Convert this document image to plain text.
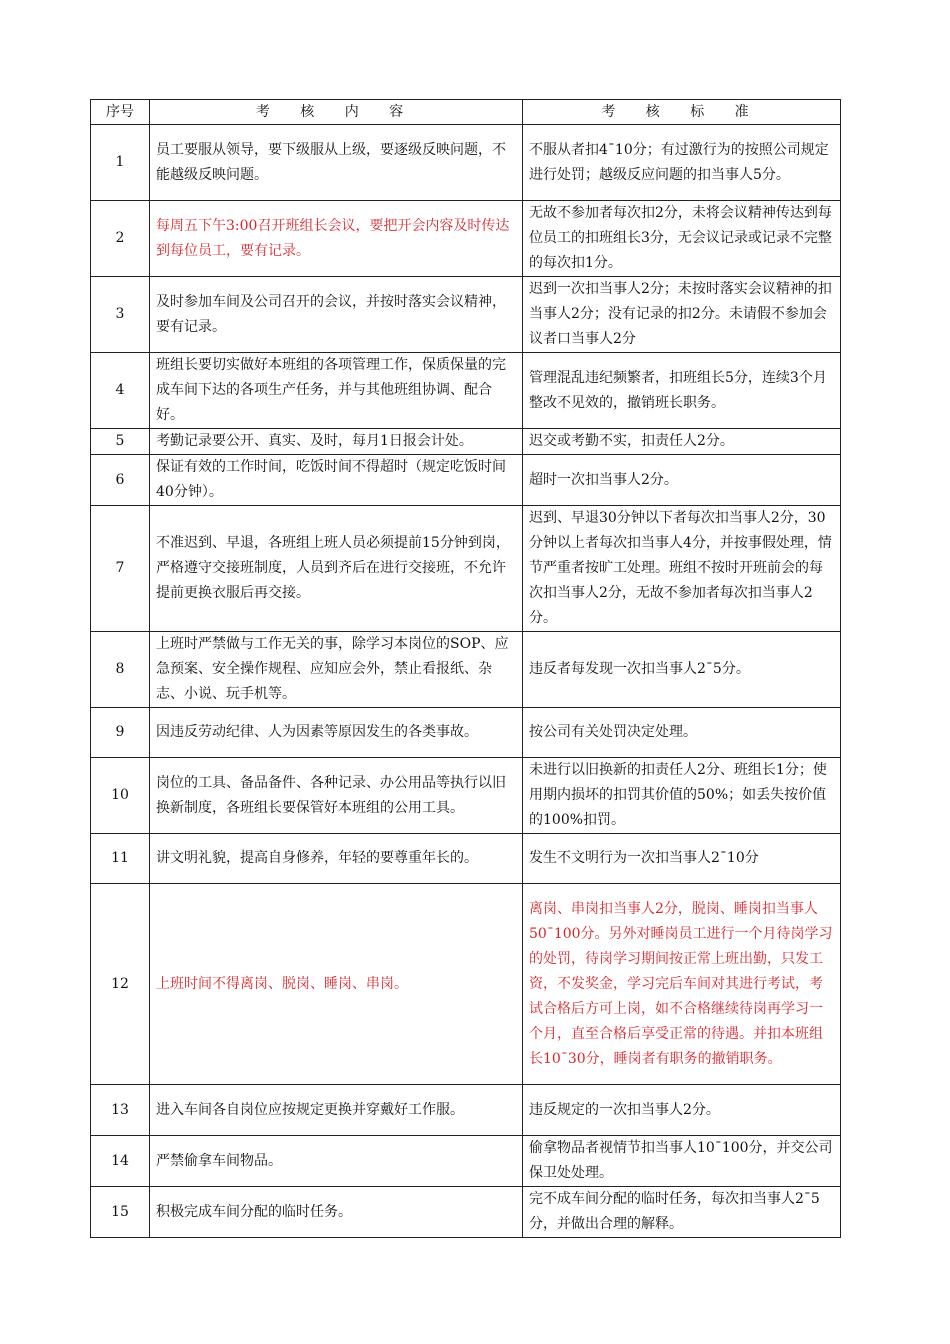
序号	考 核 内 容	考 核 标 准
1	员工要服从领导，要下级服从上级，要逐级反映问题，不能越级反映问题。	不服从者扣4¯10分；有过激行为的按照公司规定进行处罚；越级反应问题的扣当事人5分。
2	每周五下午3:00召开班组长会议，要把开会内容及时传达到每位员工，要有记录。	无故不参加者每次扣2分，未将会议精神传达到每位员工的扣班组长3分，无会议记录或记录不完整的每次扣1分。
3	及时参加车间及公司召开的会议，并按时落实会议精神，要有记录。	迟到一次扣当事人2分；未按时落实会议精神的扣当事人2分；没有记录的扣2分。未请假不参加会议者口当事人2分
4	班组长要切实做好本班组的各项管理工作，保质保量的完成车间下达的各项生产任务，并与其他班组协调、配合好。	管理混乱违纪频繁者，扣班组长5分，连续3个月整改不见效的，撤销班长职务。
5	考勤记录要公开、真实、及时，每月1日报会计处。	迟交或考勤不实，扣责任人2分。
6	保证有效的工作时间，吃饭时间不得超时（规定吃饭时间40分钟）。	超时一次扣当事人2分。
7	不准迟到、早退，各班组上班人员必须提前15分钟到岗，严格遵守交接班制度，人员到齐后在进行交接班，不允许提前更换衣服后再交接。	迟到、早退30分钟以下者每次扣当事人2分，30分钟以上者每次扣当事人4分，并按事假处理，情节严重者按旷工处理。班组不按时开班前会的每次扣当事人2分，无故不参加者每次扣当事人2分。
8	上班时严禁做与工作无关的事，除学习本岗位的SOP、应急预案、安全操作规程、应知应会外，禁止看报纸、杂志、小说、玩手机等。	违反者每发现一次扣当事人2¯5分。
9	因违反劳动纪律、人为因素等原因发生的各类事故。	按公司有关处罚决定处理。
10	岗位的工具、备品备件、各种记录、办公用品等执行以旧换新制度，各班组长要保管好本班组的公用工具。	未进行以旧换新的扣责任人2分、班组长1分；使用期内损坏的扣罚其价值的50%；如丢失按价值的100%扣罚。
11	讲文明礼貌，提高自身修养，年轻的要尊重年长的。	发生不文明行为一次扣当事人2¯10分
12	上班时间不得离岗、脱岗、睡岗、串岗。	离岗、串岗扣当事人2分，脱岗、睡岗扣当事人50¯100分。另外对睡岗员工进行一个月待岗学习的处罚，待岗学习期间按正常上班出勤，只发工资，不发奖金，学习完后车间对其进行考试，考试合格后方可上岗，如不合格继续待岗再学习一个月，直至合格后享受正常的待遇。并扣本班组长10¯30分，睡岗者有职务的撤销职务。
13	进入车间各自岗位应按规定更换并穿戴好工作服。	违反规定的一次扣当事人2分。
14	严禁偷拿车间物品。	偷拿物品者视情节扣当事人10¯100分，并交公司保卫处处理。
15	积极完成车间分配的临时任务。	完不成车间分配的临时任务，每次扣当事人2¯5分，并做出合理的解释。
